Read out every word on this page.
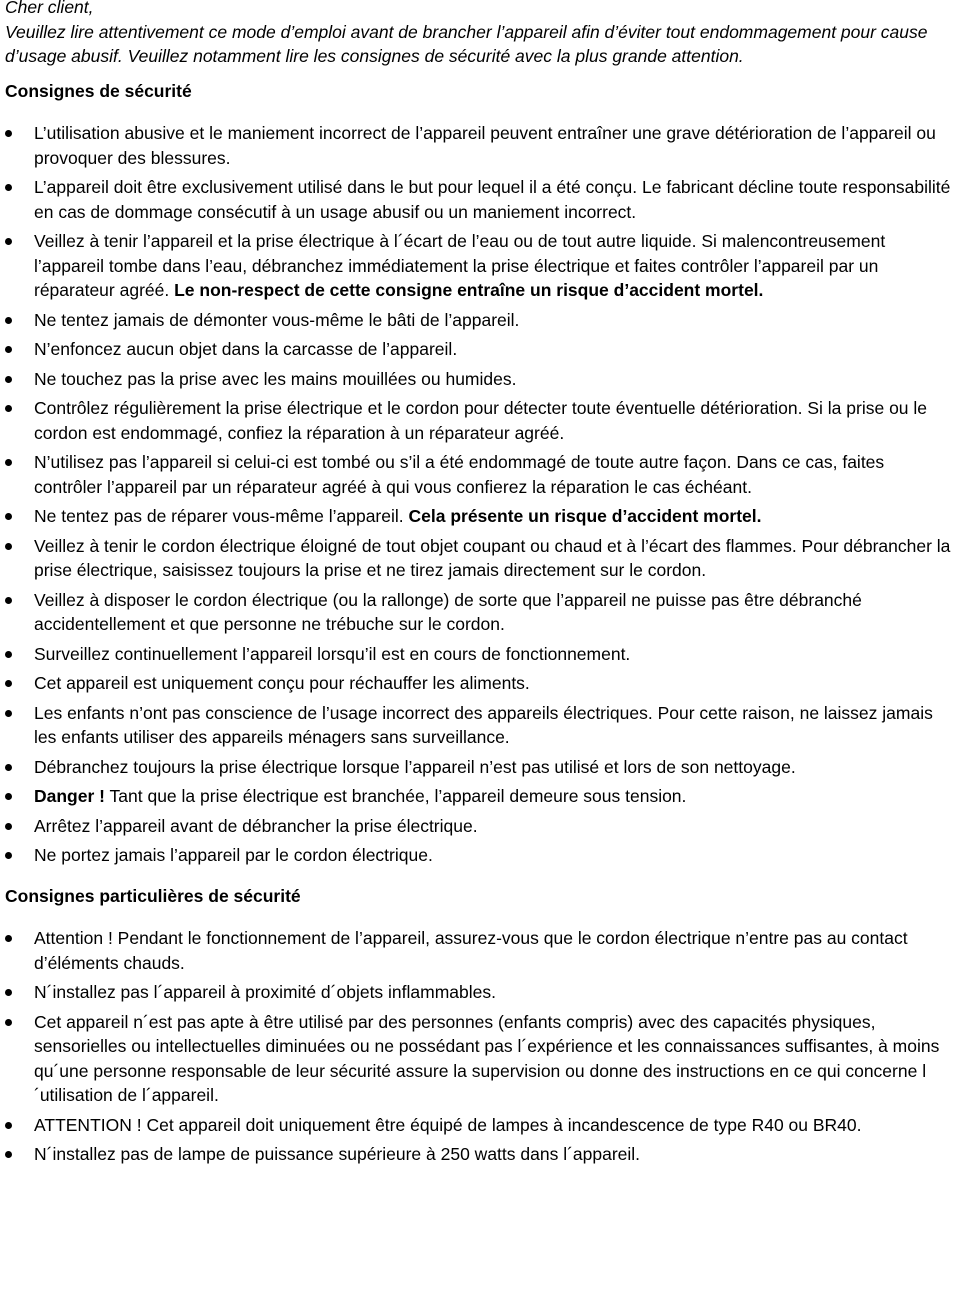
Cher client,

Veuillez lire attentivement ce mode d’emploi avant de brancher l’appareil afin d’éviter tout endommagement pour cause d’usage abusif. Veuillez notamment lire les consignes de sécurité avec la plus grande attention.

Consignes de sécurité
L’utilisation abusive et le maniement incorrect de l’appareil peuvent entraîner une grave détérioration de l’appareil ou provoquer des blessures.
L’appareil doit être exclusivement utilisé dans le but pour lequel il a été conçu. Le fabricant décline toute responsabilité en cas de dommage consécutif à un usage abusif ou un maniement incorrect.
Veillez à tenir l’appareil et la prise électrique à l´écart de l’eau ou de tout autre liquide. Si malencontreusement l’appareil tombe dans l’eau, débranchez immédiatement la prise électrique et faites contrôler l’appareil par un réparateur agréé. Le non-respect de cette consigne entraîne un risque d’accident mortel.
Ne tentez jamais de démonter vous-même le bâti de l’appareil.
N’enfoncez aucun objet dans la carcasse de l’appareil.
Ne touchez pas la prise avec les mains mouillées ou humides.
Contrôlez régulièrement la prise électrique et le cordon pour détecter toute éventuelle détérioration. Si la prise ou le cordon est endommagé, confiez la réparation à un réparateur agréé.
N’utilisez pas l’appareil si celui-ci est tombé ou s’il a été endommagé de toute autre façon. Dans ce cas, faites contrôler l’appareil par un réparateur agréé à qui vous confierez la réparation le cas échéant.
Ne tentez pas de réparer vous-même l’appareil. Cela présente un risque d’accident mortel.
Veillez à tenir le cordon électrique éloigné de tout objet coupant ou chaud et à l’écart des flammes. Pour débrancher la prise électrique, saisissez toujours la prise et ne tirez jamais directement sur le cordon.
Veillez à disposer le cordon électrique (ou la rallonge) de sorte que l’appareil ne puisse pas être débranché accidentellement et que personne ne trébuche sur le cordon.
Surveillez continuellement l’appareil lorsqu’il est en cours de fonctionnement.
Cet appareil est uniquement conçu pour réchauffer les aliments.
Les enfants n’ont pas conscience de l’usage incorrect des appareils électriques. Pour cette raison, ne laissez jamais les enfants utiliser des appareils ménagers sans surveillance.
Débranchez toujours la prise électrique lorsque l’appareil n’est pas utilisé et lors de son nettoyage.
Danger ! Tant que la prise électrique est branchée, l’appareil demeure sous tension.
Arrêtez l’appareil avant de débrancher la prise électrique.
Ne portez jamais l’appareil par le cordon électrique.
Consignes particulières de sécurité
Attention ! Pendant le fonctionnement de l’appareil, assurez-vous que le cordon électrique n’entre pas au contact d’éléments chauds.
N´installez pas l´appareil à proximité d´objets inflammables.
Cet appareil n´est pas apte à être utilisé par des personnes (enfants compris) avec des capacités physiques, sensorielles ou intellectuelles diminuées ou ne possédant pas l´expérience et les connaissances suffisantes, à moins qu´une personne responsable de leur sécurité assure la supervision ou donne des instructions en ce qui concerne l´utilisation de l´appareil.
ATTENTION ! Cet appareil doit uniquement être équipé de lampes à incandescence de type R40 ou BR40.
N´installez pas de lampe de puissance supérieure à 250 watts dans l´appareil.
